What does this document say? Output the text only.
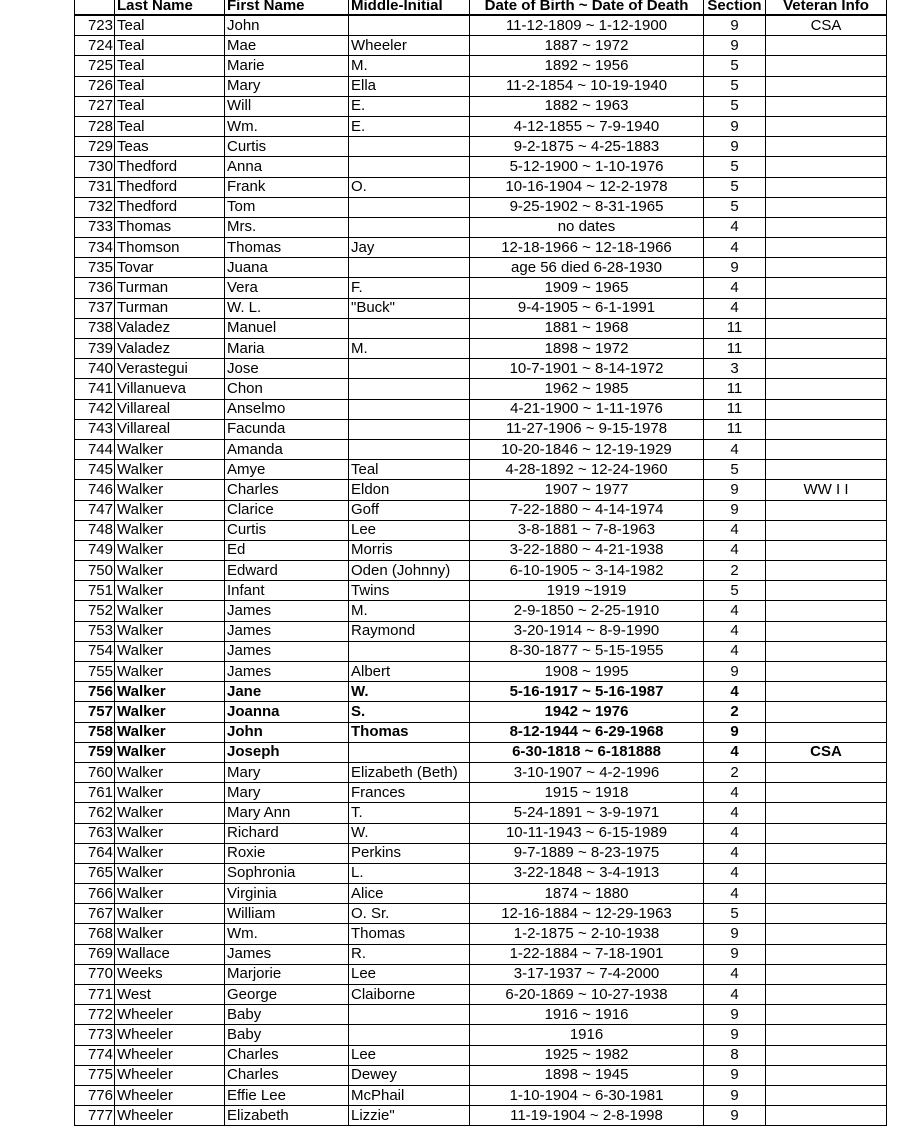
	Last Name	First Name	Middle-Initial	Date of Birth ~ Date of Death	Section	Veteran Info
723	Teal	John		11-12-1809 ~ 1-12-1900	9	CSA
724	Teal	Mae	Wheeler	1887 ~ 1972	9	
725	Teal	Marie	M.	1892 ~ 1956	5	
726	Teal	Mary	Ella	11-2-1854 ~ 10-19-1940	5	
727	Teal	Will	E.	1882 ~ 1963	5	
728	Teal	Wm.	E.	4-12-1855 ~ 7-9-1940	9	
729	Teas	Curtis		9-2-1875 ~ 4-25-1883	9	
730	Thedford	Anna		5-12-1900 ~ 1-10-1976	5	
731	Thedford	Frank	O.	10-16-1904 ~ 12-2-1978	5	
732	Thedford	Tom		9-25-1902 ~ 8-31-1965	5	
733	Thomas	Mrs.		no dates	4	
734	Thomson	Thomas	Jay	12-18-1966 ~ 12-18-1966	4	
735	Tovar	Juana		age 56 died 6-28-1930	9	
736	Turman	Vera	F.	1909 ~ 1965	4	
737	Turman	W. L.	"Buck"	9-4-1905 ~ 6-1-1991	4	
738	Valadez	Manuel		1881 ~ 1968	11	
739	Valadez	Maria	M.	1898 ~ 1972	11	
740	Verastegui	Jose		10-7-1901 ~ 8-14-1972	3	
741	Villanueva	Chon		1962 ~ 1985	11	
742	Villareal	Anselmo		4-21-1900 ~ 1-11-1976	11	
743	Villareal	Facunda		11-27-1906 ~ 9-15-1978	11	
744	Walker	Amanda		10-20-1846 ~ 12-19-1929	4	
745	Walker	Amye	Teal	4-28-1892 ~ 12-24-1960	5	
746	Walker	Charles	Eldon	1907 ~ 1977	9	WW I I
747	Walker	Clarice	Goff	7-22-1880 ~ 4-14-1974	9	
748	Walker	Curtis	Lee	3-8-1881 ~ 7-8-1963	4	
749	Walker	Ed	Morris	3-22-1880 ~ 4-21-1938	4	
750	Walker	Edward	Oden (Johnny)	6-10-1905 ~ 3-14-1982	2	
751	Walker	Infant	Twins	1919 ~1919	5	
752	Walker	James	M.	2-9-1850 ~ 2-25-1910	4	
753	Walker	James	Raymond	3-20-1914 ~ 8-9-1990	4	
754	Walker	James		8-30-1877 ~ 5-15-1955	4	
755	Walker	James	Albert	1908 ~ 1995	9	
756	Walker	Jane	W.	5-16-1917 ~ 5-16-1987	4	
757	Walker	Joanna	S.	1942 ~ 1976	2	
758	Walker	John	Thomas	8-12-1944 ~ 6-29-1968	9	
759	Walker	Joseph		6-30-1818 ~ 6-181888	4	CSA
760	Walker	Mary	Elizabeth (Beth)	3-10-1907 ~ 4-2-1996	2	
761	Walker	Mary	Frances	1915 ~ 1918	4	
762	Walker	Mary Ann	T.	5-24-1891 ~ 3-9-1971	4	
763	Walker	Richard	W.	10-11-1943 ~ 6-15-1989	4	
764	Walker	Roxie	Perkins	9-7-1889 ~ 8-23-1975	4	
765	Walker	Sophronia	L.	3-22-1848 ~ 3-4-1913	4	
766	Walker	Virginia	Alice	1874 ~ 1880	4	
767	Walker	William	O. Sr.	12-16-1884 ~ 12-29-1963	5	
768	Walker	Wm.	Thomas	1-2-1875 ~ 2-10-1938	9	
769	Wallace	James	R.	1-22-1884 ~ 7-18-1901	9	
770	Weeks	Marjorie	Lee	3-17-1937 ~ 7-4-2000	4	
771	West	George	Claiborne	6-20-1869 ~ 10-27-1938	4	
772	Wheeler	Baby		1916 ~ 1916	9	
773	Wheeler	Baby		1916	9	
774	Wheeler	Charles	Lee	1925 ~ 1982	8	
775	Wheeler	Charles	Dewey	1898 ~ 1945	9	
776	Wheeler	Effie Lee	McPhail	1-10-1904 ~ 6-30-1981	9	
777	Wheeler	Elizabeth	Lizzie"	11-19-1904 ~ 2-8-1998	9	
